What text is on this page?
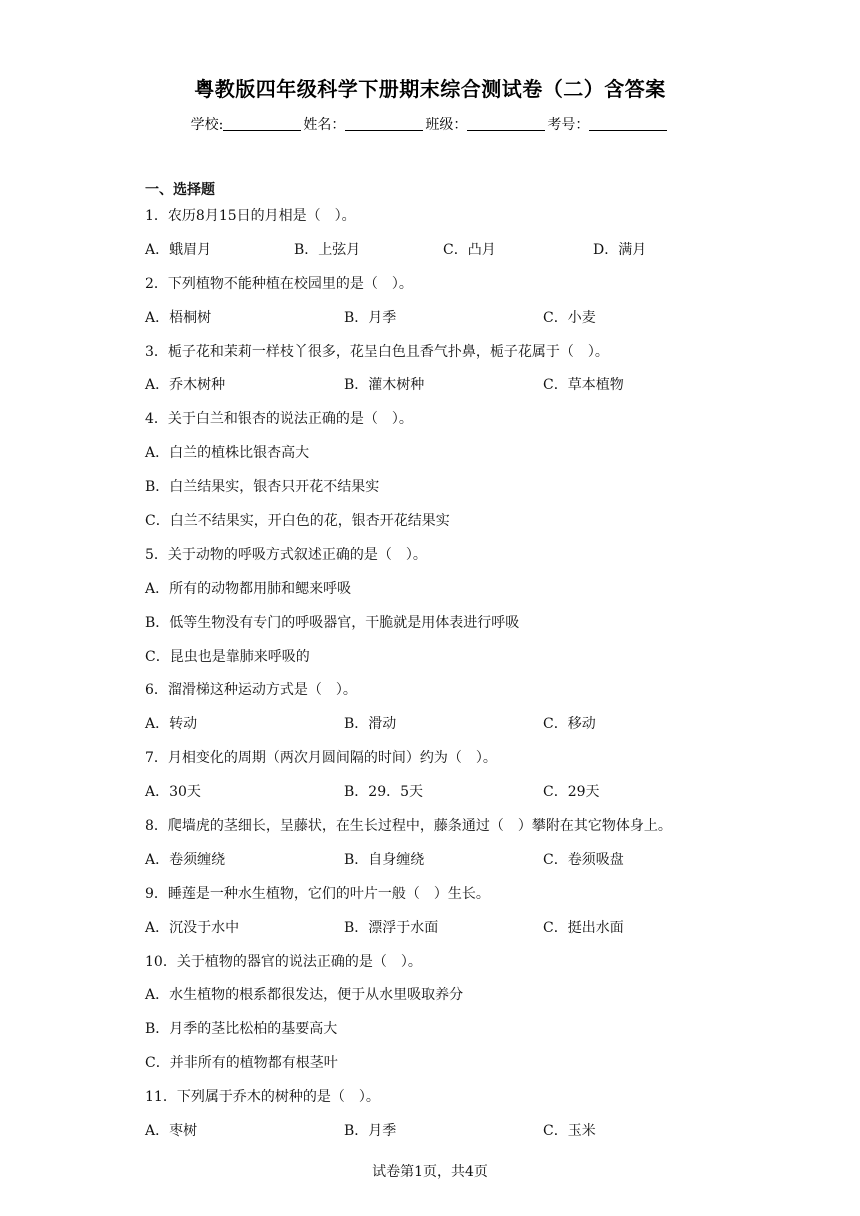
粤教版四年级科学下册期末综合测试卷（二）含答案
学校:	姓名：	班级：	考号：
一、选择题
1．农历8月15日的月相是（　）。
A．蛾眉月	B．上弦月	C．凸月	D．满月
2．下列植物不能种植在校园里的是（　）。
A．梧桐树	B．月季	C．小麦
3．栀子花和茉莉一样枝丫很多，花呈白色且香气扑鼻，栀子花属于（　）。
A．乔木树种	B．灌木树种	C．草本植物
4．关于白兰和银杏的说法正确的是（　）。
A．白兰的植株比银杏高大
B．白兰结果实，银杏只开花不结果实
C．白兰不结果实，开白色的花，银杏开花结果实
5．关于动物的呼吸方式叙述正确的是（　）。
A．所有的动物都用肺和鳃来呼吸
B．低等生物没有专门的呼吸器官，干脆就是用体表进行呼吸
C．昆虫也是靠肺来呼吸的
6．溜滑梯这种运动方式是（　）。
A．转动	B．滑动	C．移动
7．月相变化的周期（两次月圆间隔的时间）约为（　）。
A．30天	B．29．5天	C．29天
8．爬墙虎的茎细长，呈藤状，在生长过程中，藤条通过（　）攀附在其它物体身上。
A．卷须缠绕	B．自身缠绕	C．卷须吸盘
9．睡莲是一种水生植物，它们的叶片一般（　）生长。
A．沉没于水中	B．漂浮于水面	C．挺出水面
10．关于植物的器官的说法正确的是（　）。
A．水生植物的根系都很发达，便于从水里吸取养分
B．月季的茎比松柏的基要高大
C．并非所有的植物都有根茎叶
11．下列属于乔木的树种的是（　）。
A．枣树	B．月季	C．玉米
试卷第1页，共4页
